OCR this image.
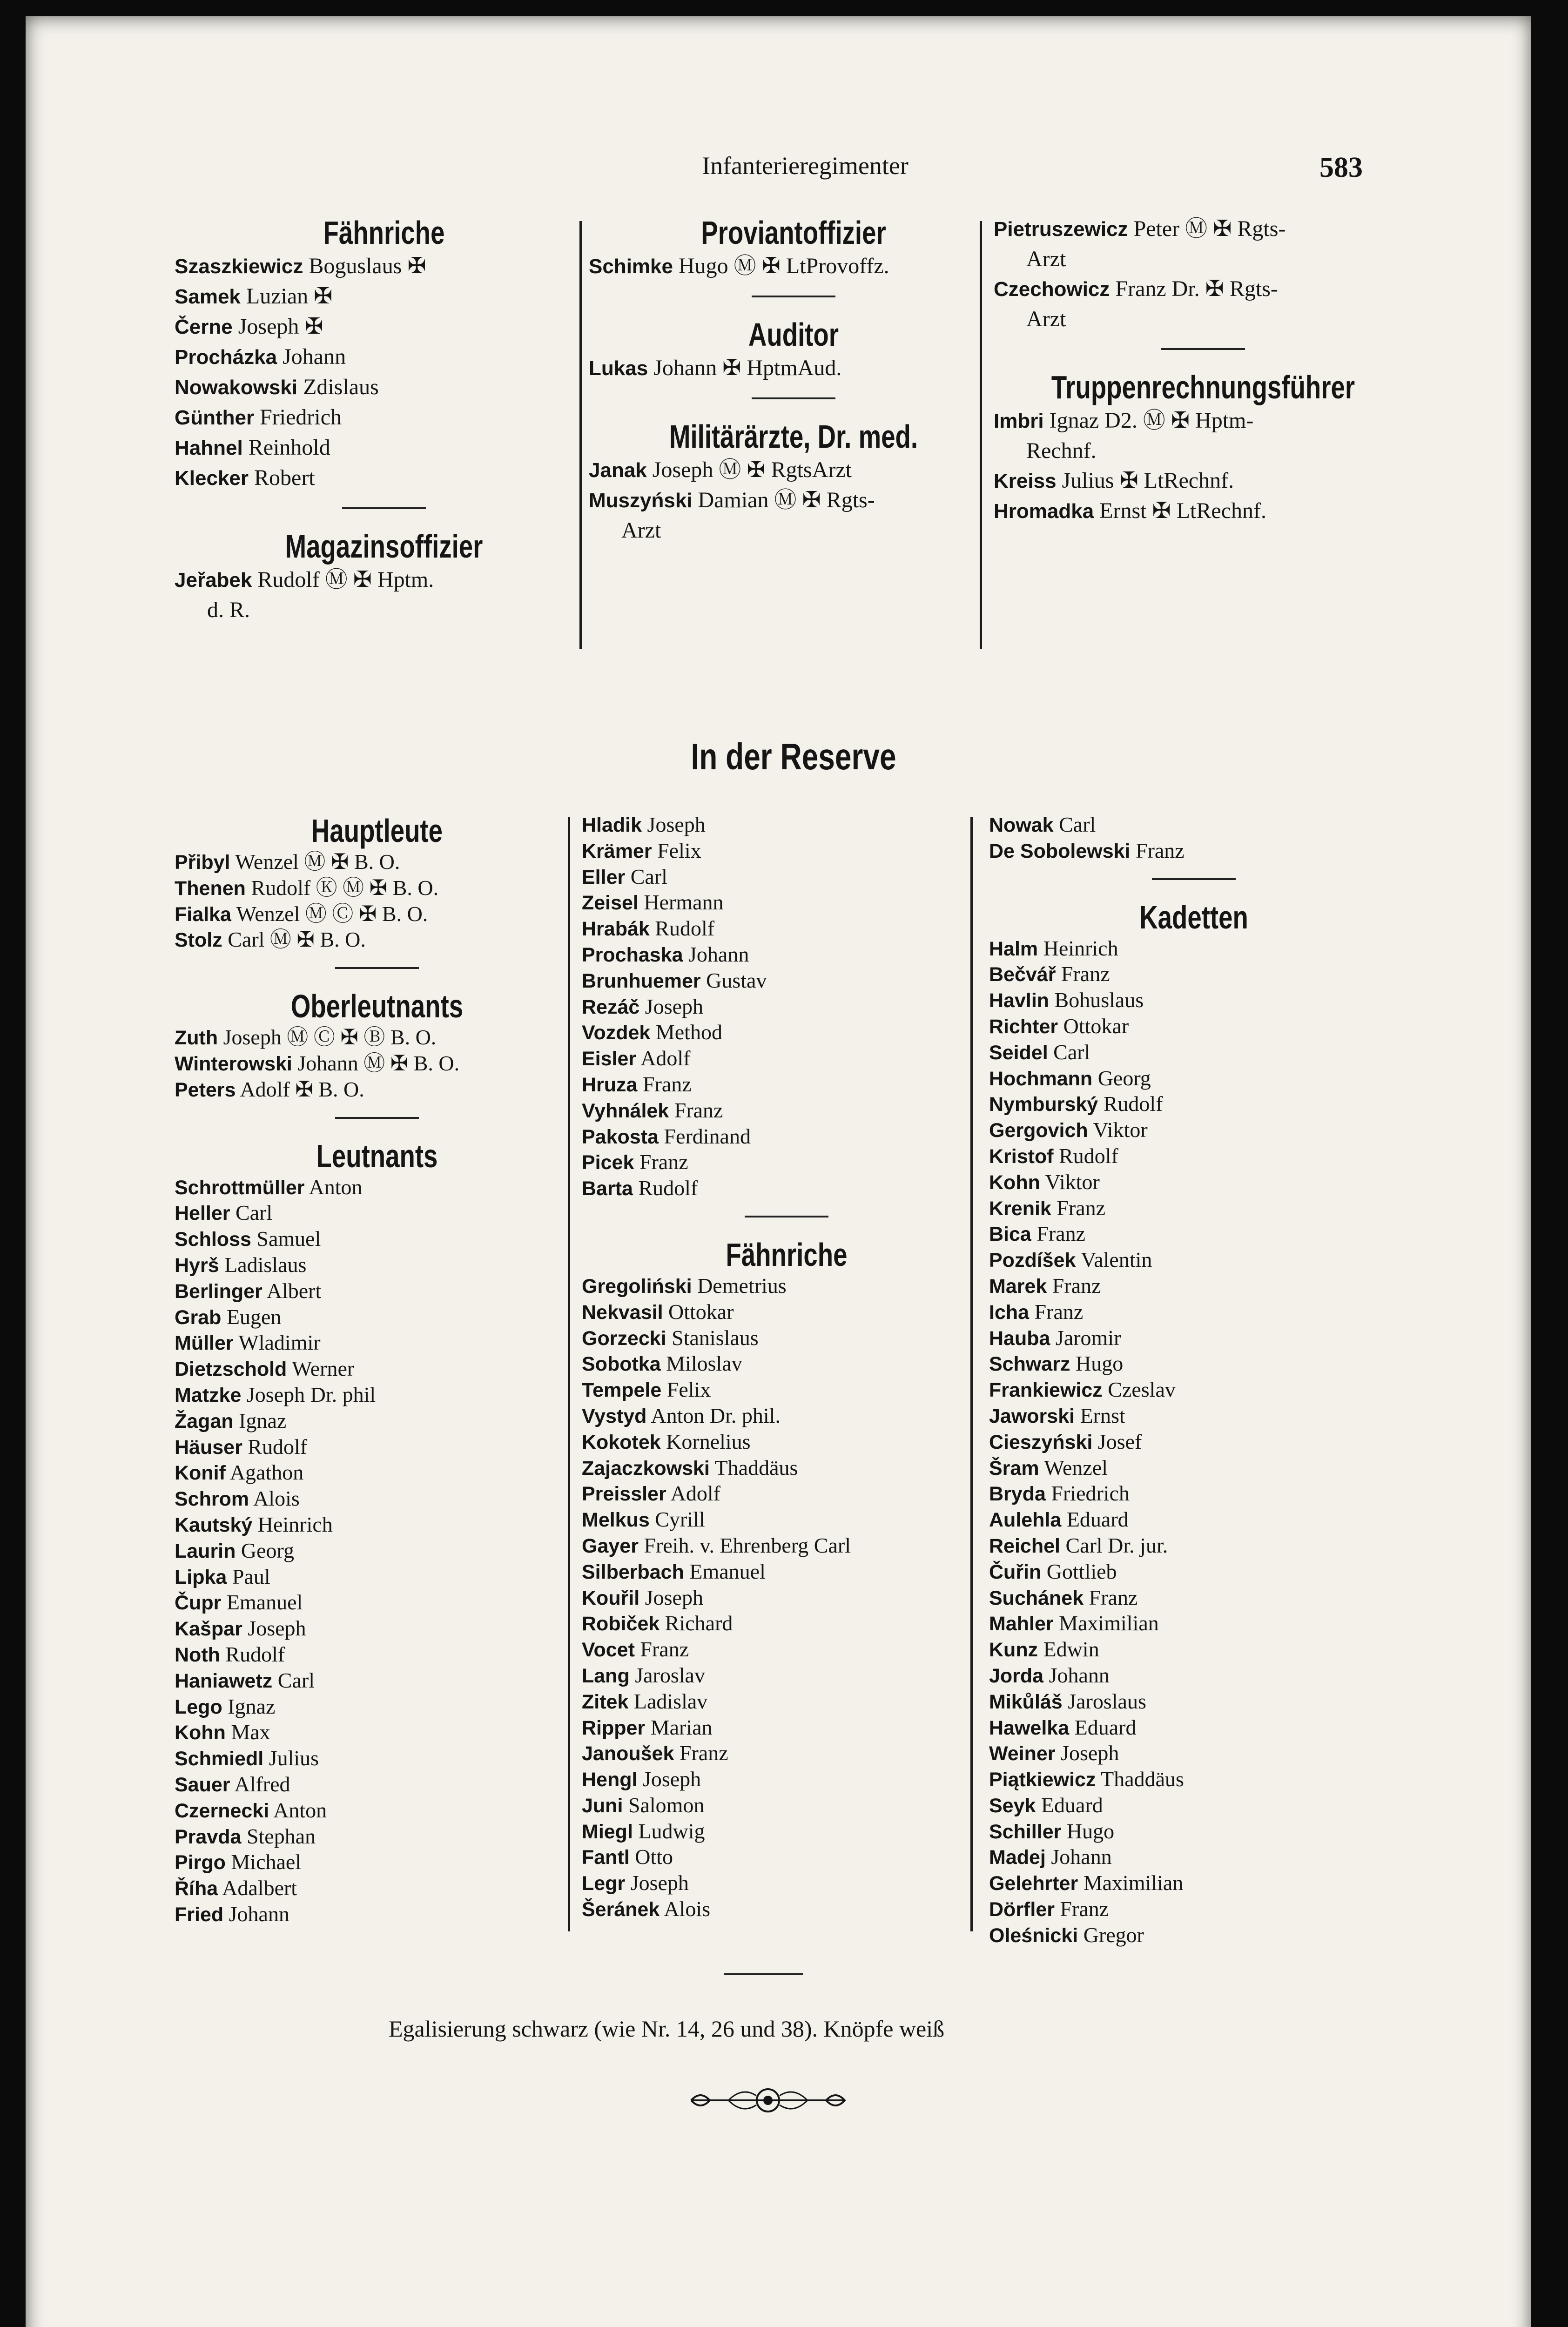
Infanterieregimenter	583
Fähnriche
Szaszkiewicz Boguslaus ✠
Samek Luzian ✠
Černe Joseph ✠
Procházka Johann
Nowakowski Zdislaus
Günther Friedrich
Hahnel Reinhold
Klecker Robert
Magazinsoffizier
Jeřabek Rudolf Ⓜ ✠ Hptm.
d. R.
Proviantoffizier
Schimke Hugo Ⓜ ✠ LtProvoffz.
Auditor
Lukas Johann ✠ HptmAud.
Militärärzte, Dr. med.
Janak Joseph Ⓜ ✠ RgtsArzt
Muszyński Damian Ⓜ ✠ Rgts-
Arzt
Pietruszewicz Peter Ⓜ ✠ Rgts-
Arzt
Czechowicz Franz Dr. ✠ Rgts-
Arzt
Truppenrechnungsführer
Imbri Ignaz D2. Ⓜ ✠ Hptm-
Rechnf.
Kreiss Julius ✠ LtRechnf.
Hromadka Ernst ✠ LtRechnf.
In der Reserve
Hauptleute
Přibyl Wenzel Ⓜ ✠ B. O.
Thenen Rudolf Ⓚ Ⓜ ✠ B. O.
Fialka Wenzel Ⓜ Ⓒ ✠ B. O.
Stolz Carl Ⓜ ✠ B. O.
Oberleutnants
Zuth Joseph Ⓜ Ⓒ ✠ Ⓑ B. O.
Winterowski Johann Ⓜ ✠ B. O.
Peters Adolf ✠ B. O.
Leutnants
Schrottmüller Anton
Heller Carl
Schloss Samuel
Hyrš Ladislaus
Berlinger Albert
Grab Eugen
Müller Wladimir
Dietzschold Werner
Matzke Joseph Dr. phil
Žagan Ignaz
Häuser Rudolf
Konif Agathon
Schrom Alois
Kautský Heinrich
Laurin Georg
Lipka Paul
Čupr Emanuel
Kašpar Joseph
Noth Rudolf
Haniawetz Carl
Lego Ignaz
Kohn Max
Schmiedl Julius
Sauer Alfred
Czernecki Anton
Pravda Stephan
Pirgo Michael
Říha Adalbert
Fried Johann
Hladik Joseph
Krämer Felix
Eller Carl
Zeisel Hermann
Hrabák Rudolf
Prochaska Johann
Brunhuemer Gustav
Rezáč Joseph
Vozdek Method
Eisler Adolf
Hruza Franz
Vyhnálek Franz
Pakosta Ferdinand
Picek Franz
Barta Rudolf
Fähnriche
Gregoliński Demetrius
Nekvasil Ottokar
Gorzecki Stanislaus
Sobotka Miloslav
Tempele Felix
Vystyd Anton Dr. phil.
Kokotek Kornelius
Zajaczkowski Thaddäus
Preissler Adolf
Melkus Cyrill
Gayer Freih. v. Ehrenberg Carl
Silberbach Emanuel
Kouřil Joseph
Robiček Richard
Vocet Franz
Lang Jaroslav
Zitek Ladislav
Ripper Marian
Janoušek Franz
Hengl Joseph
Juni Salomon
Miegl Ludwig
Fantl Otto
Legr Joseph
Šeránek Alois
Nowak Carl
De Sobolewski Franz
Kadetten
Halm Heinrich
Bečvář Franz
Havlin Bohuslaus
Richter Ottokar
Seidel Carl
Hochmann Georg
Nymburský Rudolf
Gergovich Viktor
Kristof Rudolf
Kohn Viktor
Krenik Franz
Bica Franz
Pozdíšek Valentin
Marek Franz
Icha Franz
Hauba Jaromir
Schwarz Hugo
Frankiewicz Czeslav
Jaworski Ernst
Cieszyński Josef
Šram Wenzel
Bryda Friedrich
Aulehla Eduard
Reichel Carl Dr. jur.
Čuřin Gottlieb
Suchánek Franz
Mahler Maximilian
Kunz Edwin
Jorda Johann
Mikůláš Jaroslaus
Hawelka Eduard
Weiner Joseph
Piątkiewicz Thaddäus
Seyk Eduard
Schiller Hugo
Madej Johann
Gelehrter Maximilian
Dörfler Franz
Oleśnicki Gregor
Egalisierung schwarz (wie Nr. 14, 26 und 38). Knöpfe weiß
